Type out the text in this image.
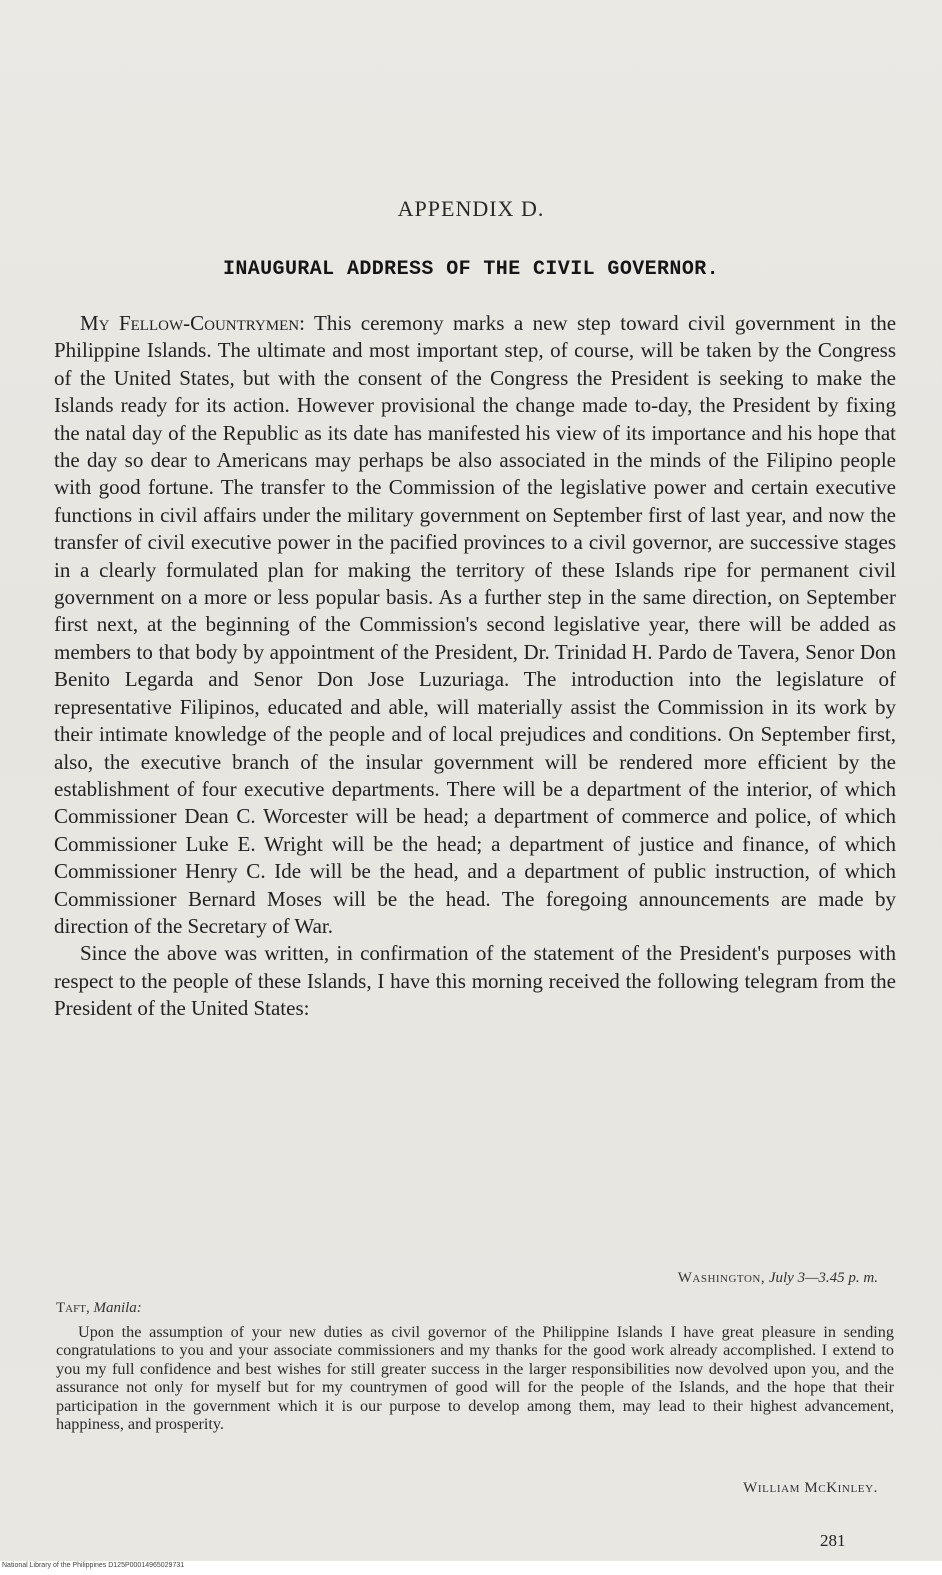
APPENDIX D.
INAUGURAL ADDRESS OF THE CIVIL GOVERNOR.

My Fellow-Countrymen: This ceremony marks a new step toward civil government in the Philippine Islands. The ultimate and most important step, of course, will be taken by the Congress of the United States, but with the consent of the Congress the President is seeking to make the Islands ready for its action. However provisional the change made to-day, the President by fixing the natal day of the Republic as its date has manifested his view of its importance and his hope that the day so dear to Americans may perhaps be also associated in the minds of the Filipino people with good fortune. The transfer to the Commission of the legislative power and certain executive functions in civil affairs under the military government on September first of last year, and now the transfer of civil executive power in the pacified provinces to a civil governor, are successive stages in a clearly formulated plan for making the territory of these Islands ripe for permanent civil government on a more or less popular basis. As a further step in the same direction, on September first next, at the beginning of the Commission's second legislative year, there will be added as members to that body by appointment of the President, Dr. Trinidad H. Pardo de Tavera, Senor Don Benito Legarda and Senor Don Jose Luzuriaga. The introduction into the legislature of representative Filipinos, educated and able, will materially assist the Commission in its work by their intimate knowledge of the people and of local prejudices and conditions. On September first, also, the executive branch of the insular government will be rendered more efficient by the establishment of four executive departments. There will be a department of the interior, of which Commissioner Dean C. Worcester will be head; a department of commerce and police, of which Commissioner Luke E. Wright will be the head; a department of justice and finance, of which Commissioner Henry C. Ide will be the head, and a department of public instruction, of which Commissioner Bernard Moses will be the head. The foregoing announcements are made by direction of the Secretary of War.

Since the above was written, in confirmation of the statement of the President's purposes with respect to the people of these Islands, I have this morning received the following telegram from the President of the United States:

Washington, July 3—3.45 p. m.
Taft, Manila:

Upon the assumption of your new duties as civil governor of the Philippine Islands I have great pleasure in sending congratulations to you and your associate commissioners and my thanks for the good work already accomplished. I extend to you my full confidence and best wishes for still greater success in the larger responsibilities now devolved upon you, and the assurance not only for myself but for my countrymen of good will for the people of the Islands, and the hope that their participation in the government which it is our purpose to develop among them, may lead to their highest advancement, happiness, and prosperity.

William McKinley.
281
National Library of the Philippines D125P00014965029731
